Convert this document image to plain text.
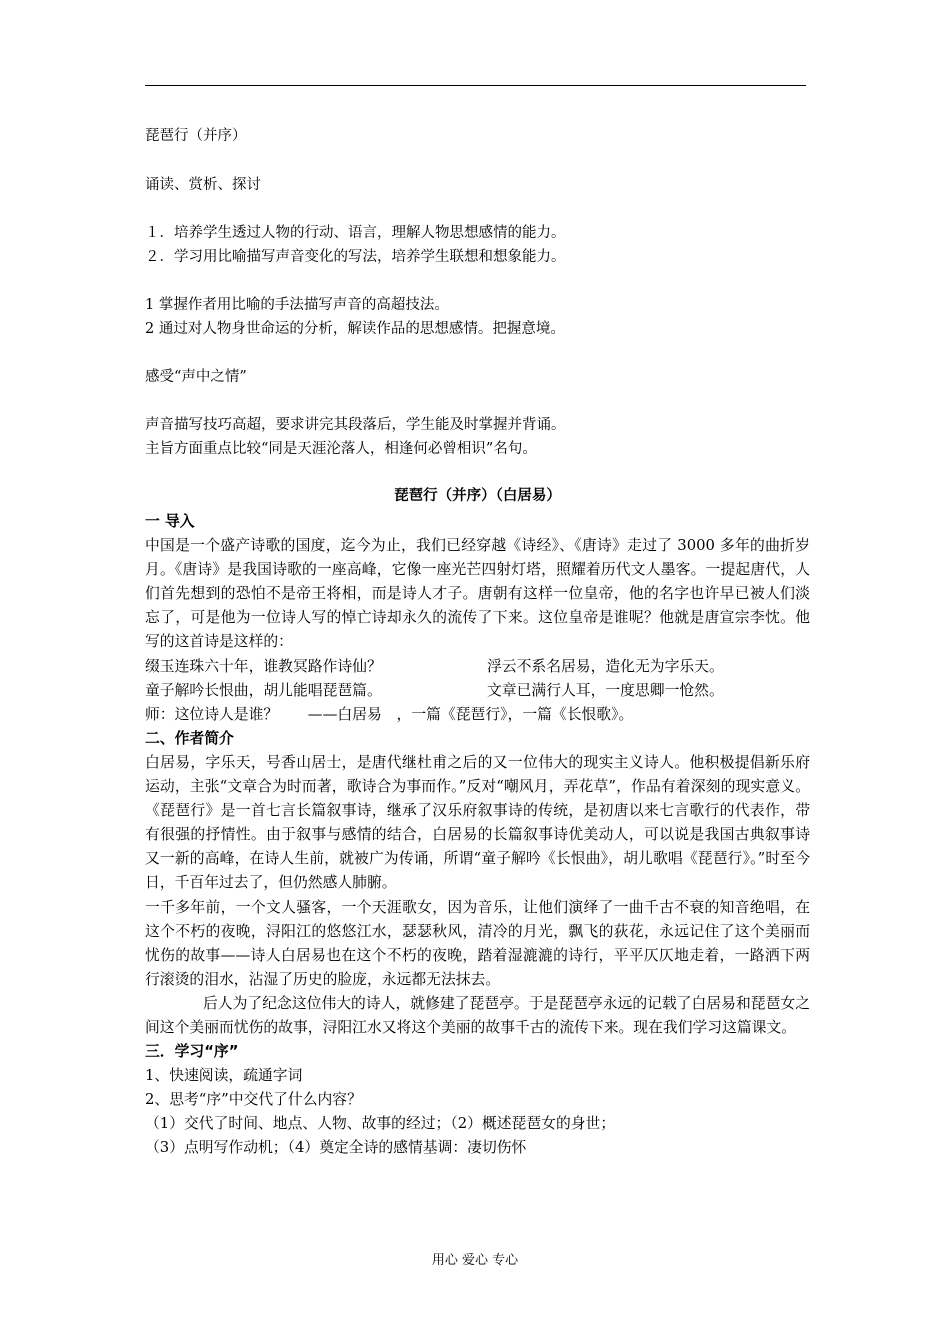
琵琶行（并序）
诵读、赏析、探讨
１．培养学生透过人物的行动、语言，理解人物思想感情的能力。
２．学习用比喻描写声音变化的写法，培养学生联想和想象能力。
1 掌握作者用比喻的手法描写声音的高超技法。
2 通过对人物身世命运的分析，解读作品的思想感情。把握意境。
感受“声中之情”
声音描写技巧高超，要求讲完其段落后，学生能及时掌握并背诵。
主旨方面重点比较“同是天涯沦落人，相逢何必曾相识”名句。
琵琶行（并序）（白居易）
一 导入

中国是一个盛产诗歌的国度，迄今为止，我们已经穿越《诗经》、《唐诗》走过了 3000 多年的曲折岁月。《唐诗》是我国诗歌的一座高峰，它像一座光芒四射灯塔，照耀着历代文人墨客。一提起唐代，人们首先想到的恐怕不是帝王将相，而是诗人才子。唐朝有这样一位皇帝，他的名字也许早已被人们淡忘了，可是他为一位诗人写的悼亡诗却永久的流传了下来。这位皇帝是谁呢？他就是唐宣宗李忱。他写的这首诗是这样的：

缀玉连珠六十年，谁教冥路作诗仙？	浮云不系名居易，造化无为字乐天。
童子解吟长恨曲，胡儿能唱琵琶篇。	文章已满行人耳，一度思卿一怆然。
师：这位诗人是谁？　　——白居易　，一篇《琵琶行》，一篇《长恨歌》。
二、作者简介

白居易，字乐天，号香山居士，是唐代继杜甫之后的又一位伟大的现实主义诗人。他积极提倡新乐府运动，主张“文章合为时而著，歌诗合为事而作。”反对“嘲风月，弄花草”，作品有着深刻的现实意义。《琵琶行》是一首七言长篇叙事诗，继承了汉乐府叙事诗的传统，是初唐以来七言歌行的代表作，带有很强的抒情性。由于叙事与感情的结合，白居易的长篇叙事诗优美动人，可以说是我国古典叙事诗又一新的高峰，在诗人生前，就被广为传诵，所谓“童子解吟《长恨曲》，胡儿歌唱《琵琶行》。”时至今日，千百年过去了，但仍然感人肺腑。

一千多年前，一个文人骚客，一个天涯歌女，因为音乐，让他们演绎了一曲千古不衰的知音绝唱，在这个不朽的夜晚，浔阳江的悠悠江水，瑟瑟秋风，清冷的月光，飘飞的荻花，永远记住了这个美丽而忧伤的故事——诗人白居易也在这个不朽的夜晚，踏着湿漉漉的诗行，平平仄仄地走着，一路洒下两行滚烫的泪水，沾湿了历史的脸庞，永远都无法抹去。

后人为了纪念这位伟大的诗人，就修建了琵琶亭。于是琵琶亭永远的记载了白居易和琵琶女之间这个美丽而忧伤的故事，浔阳江水又将这个美丽的故事千古的流传下来。现在我们学习这篇课文。

三．学习“序”
1、快速阅读，疏通字词
2、思考“序”中交代了什么内容？
（1）交代了时间、地点、人物、故事的经过；（2）概述琵琶女的身世；
（3）点明写作动机；（4）奠定全诗的感情基调：凄切伤怀
用心 爱心 专心
